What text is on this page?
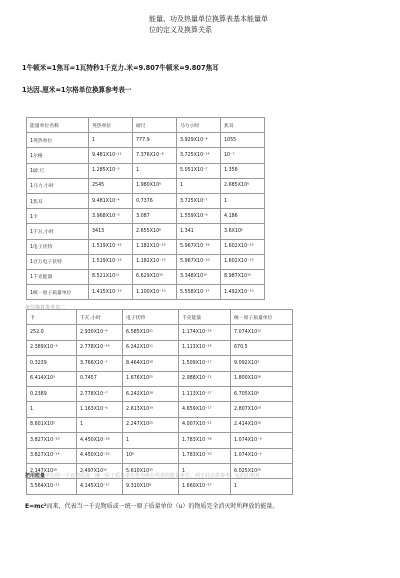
能量、功及热量单位换算表基本能量单位的定义及换算关系
1牛顿米=1焦耳=1瓦特秒1千克力.米=9.807牛顿米=9.807焦耳
1达因.厘米=1尔格单位换算参考表一
能量单位名称	英热单位	磅尺	马力小时	焦耳
1英热单位	1	777.9	3.929X10⁻⁴	1055
1尔格	9.481X10⁻¹¹	7.376X10⁻⁸	3.725X10⁻¹⁴	10⁻⁷
1磅.尺	1.285X10⁻³	1	5.051X10⁻⁷	1.356
1马力.小时	2545	1.980X10⁶	1	2.685X10⁶
1焦耳	9.481X10⁻⁴	0.7376	3.725X10⁻⁷	1
1卡	3.968X10⁻³	3.087	1.559X10⁻⁶	4.186
1千瓦.小时	3413	2.655X10⁶	1.341	3.6X10⁶
1电子伏特	1.519X10⁻²²	1.182X10⁻¹⁹	5.967X10⁻²⁶	1.602X10⁻¹⁹
1百万电子伏特	1.519X10⁻¹⁶	1.182X10⁻¹³	5.967X10⁻²⁰	1.602X10⁻¹³
1千克能量	8.521X10¹³	6.629X10¹⁶	3.348X10¹⁰	8.987X10¹⁶
1统一原子质量单位	1.415X10⁻¹³	1.100X10⁻¹⁰	5.558X10⁻¹⁷	1.492X10⁻¹⁰
单位换算参考表二
卡	千瓦.小时	电子伏特	千克能量	统一原子质量单位
252.0	2.930X10⁻⁴	6.585X10²¹	1.174X10⁻¹⁴	7.074X10¹²
2.389X10⁻⁸	2.778X10⁻¹⁴	6.242X10¹¹	1.113X10⁻²⁴	670.5
0.3239	3.766X10⁻⁷	8.464X10¹⁸	1.509X10⁻¹⁷	9.092X10⁹
6.414X10⁵	0.7457	1.676X10²⁵	2.988X10⁻¹¹	1.800X10¹⁶
0.2389	2.778X10⁻⁷	6.242X10¹⁸	1.113X10⁻¹⁷	6.705X10⁹
1	1.163X10⁻⁶	2.613X10¹⁹	4.659X10⁻¹⁷	2.807X10¹⁰
8.601X10⁵	1	2.247X10²⁵	4.007X10⁻¹¹	2.414X10¹⁶
3.827X10⁻²⁰	4.450X10⁻²⁶	1	1.783X10⁻³⁶	1.074X10⁻⁹
3.827X10⁻¹⁴	4.450X10⁻²⁰	10⁶	1.783X10⁻³⁰	1.074X10⁻³
2.147X10¹⁶	2.497X10¹⁰	5.610X10³⁵	1	6.025X10²⁶
3.564X10⁻¹¹	4.145X10⁻¹⁷	9.310X10⁸	1.660X10⁻²⁷	1
把用能量单位的一千克物质或一统一原子质量单位作为单位所需的能量单位，列于此以供参考。它们由相对
E=mc²而来，代表当一千克物质或一统一原子质量单位（u）的物质完全消灭时所释放的能量。
